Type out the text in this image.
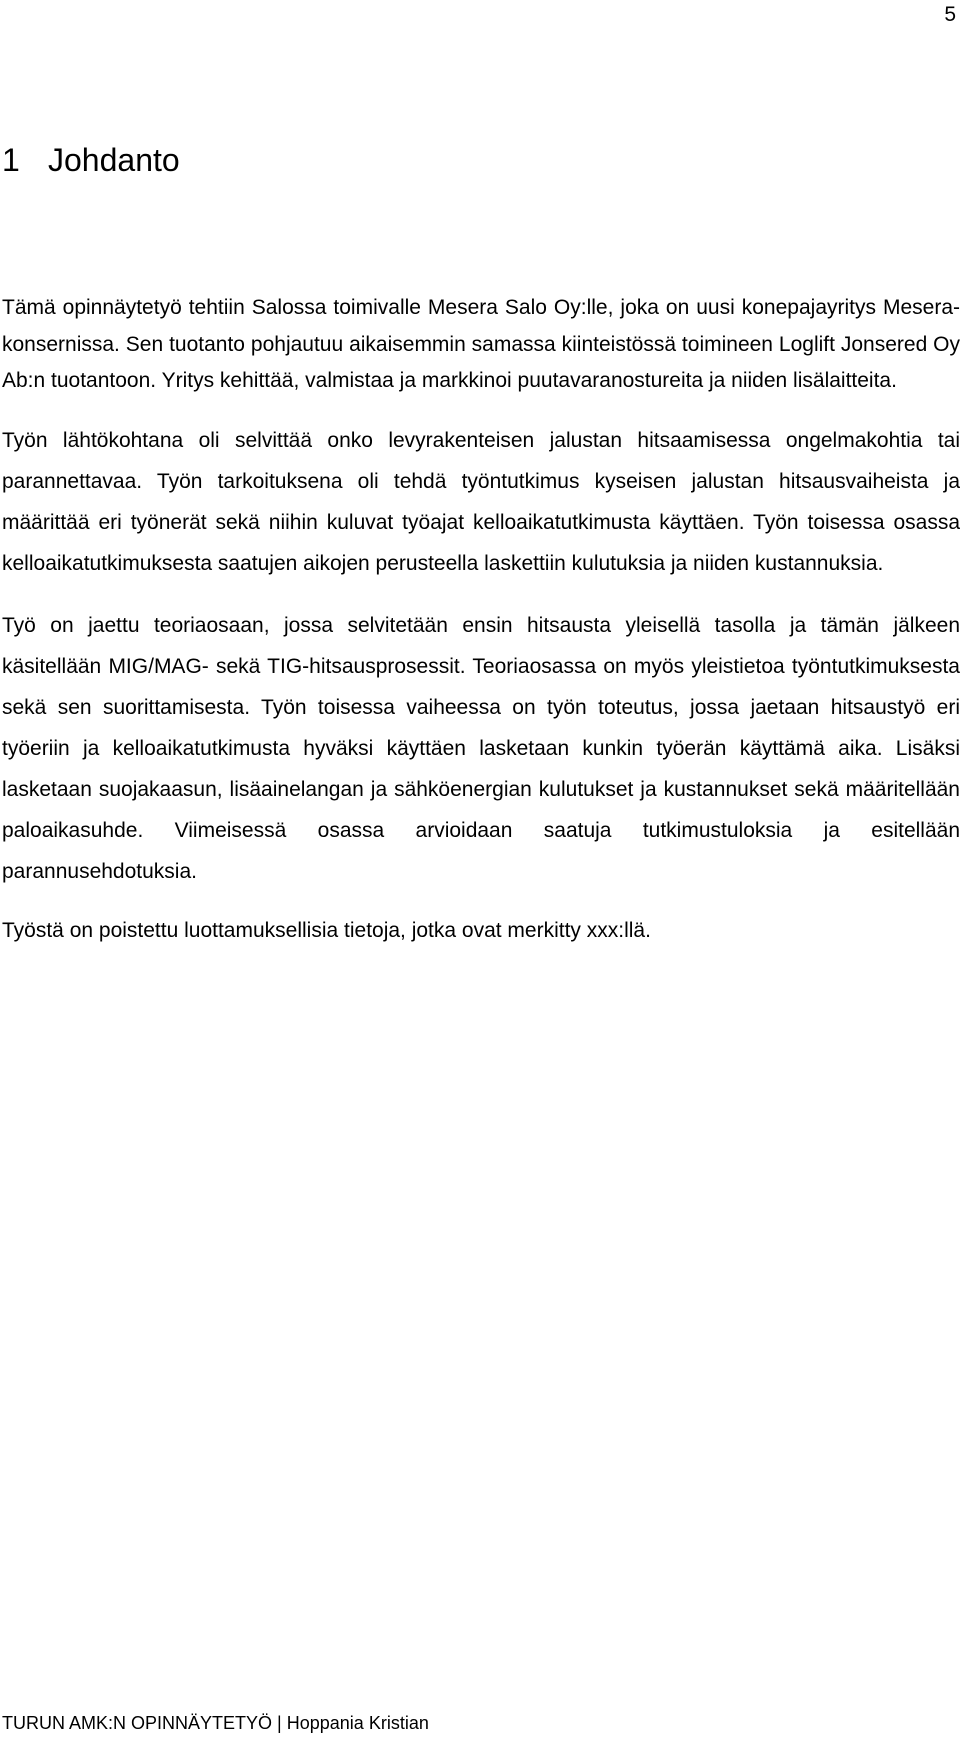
5
1 Johdanto

Tämä opinnäytetyö tehtiin Salossa toimivalle Mesera Salo Oy:lle, joka on uusi konepajayritys Mesera-konsernissa. Sen tuotanto pohjautuu aikaisemmin samassa kiinteistössä toimineen Loglift Jonsered Oy Ab:n tuotantoon. Yritys kehittää, valmistaa ja markkinoi puutavaranostureita ja niiden lisälaitteita.

Työn lähtökohtana oli selvittää onko levyrakenteisen jalustan hitsaamisessa ongelmakohtia tai parannettavaa. Työn tarkoituksena oli tehdä työntutkimus kyseisen jalustan hitsausvaiheista ja määrittää eri työnerät sekä niihin kuluvat työajat kelloaikatutkimusta käyttäen. Työn toisessa osassa kelloaikatutkimuksesta saatujen aikojen perusteella laskettiin kulutuksia ja niiden kustannuksia.

Työ on jaettu teoriaosaan, jossa selvitetään ensin hitsausta yleisellä tasolla ja tämän jälkeen käsitellään MIG/MAG- sekä TIG-hitsausprosessit. Teoriaosassa on myös yleistietoa työntutkimuksesta sekä sen suorittamisesta. Työn toisessa vaiheessa on työn toteutus, jossa jaetaan hitsaustyö eri työeriin ja kelloaikatutkimusta hyväksi käyttäen lasketaan kunkin työerän käyttämä aika. Lisäksi lasketaan suojakaasun, lisäainelangan ja sähköenergian kulutukset ja kustannukset sekä määritellään paloaikasuhde. Viimeisessä osassa arvioidaan saatuja tutkimustuloksia ja esitellään parannusehdotuksia.

Työstä on poistettu luottamuksellisia tietoja, jotka ovat merkitty xxx:llä.

TURUN AMK:N OPINNÄYTETYÖ | Hoppania Kristian
